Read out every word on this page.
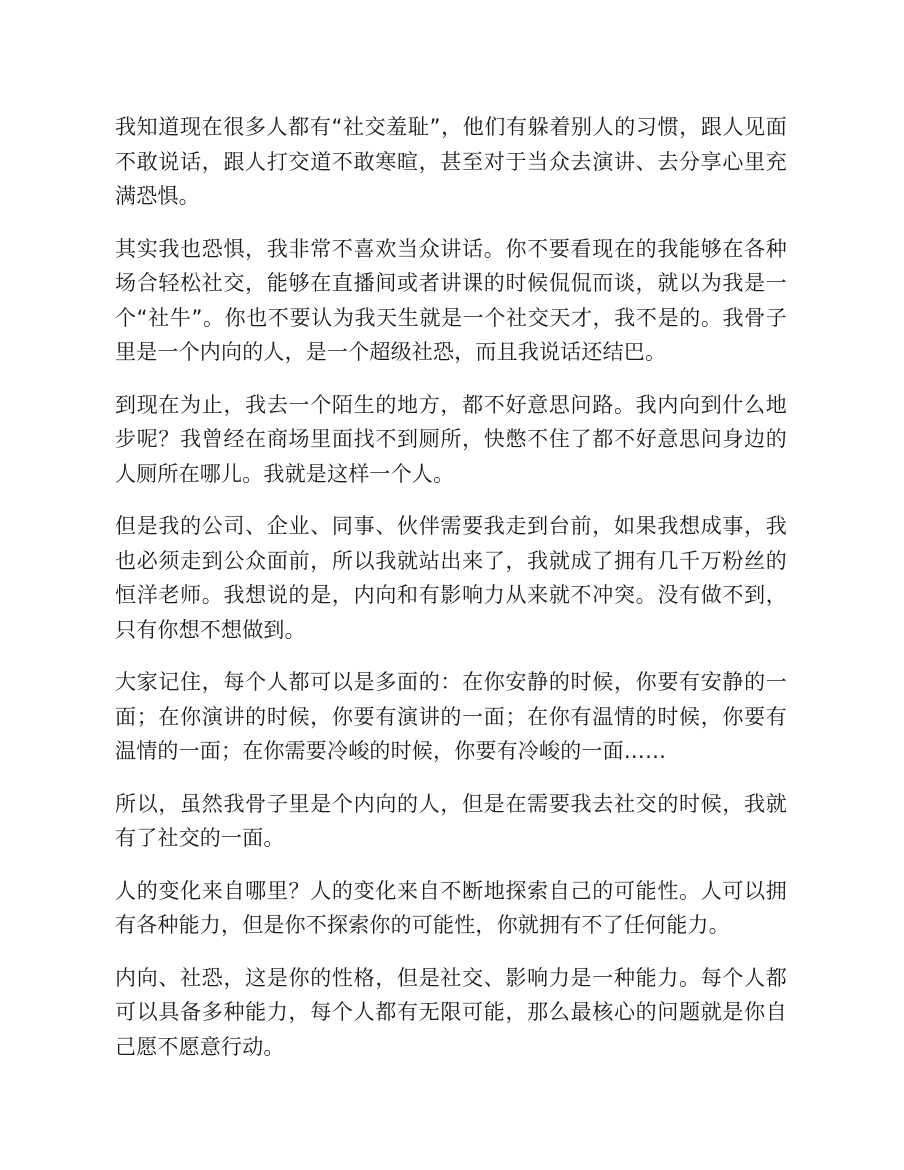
我知道现在很多人都有“社交羞耻”，他们有躲着别人的习惯，跟人见面不敢说话，跟人打交道不敢寒暄，甚至对于当众去演讲、去分享心里充满恐惧。

其实我也恐惧，我非常不喜欢当众讲话。你不要看现在的我能够在各种场合轻松社交，能够在直播间或者讲课的时候侃侃而谈，就以为我是一个“社牛”。你也不要认为我天生就是一个社交天才，我不是的。我骨子里是一个内向的人，是一个超级社恐，而且我说话还结巴。

到现在为止，我去一个陌生的地方，都不好意思问路。我内向到什么地步呢？我曾经在商场里面找不到厕所，快憋不住了都不好意思问身边的人厕所在哪儿。我就是这样一个人。

但是我的公司、企业、同事、伙伴需要我走到台前，如果我想成事，我也必须走到公众面前，所以我就站出来了，我就成了拥有几千万粉丝的恒洋老师。我想说的是，内向和有影响力从来就不冲突。没有做不到，只有你想不想做到。

大家记住，每个人都可以是多面的：在你安静的时候，你要有安静的一面；在你演讲的时候，你要有演讲的一面；在你有温情的时候，你要有温情的一面；在你需要冷峻的时候，你要有冷峻的一面……

所以，虽然我骨子里是个内向的人，但是在需要我去社交的时候，我就有了社交的一面。

人的变化来自哪里？人的变化来自不断地探索自己的可能性。人可以拥有各种能力，但是你不探索你的可能性，你就拥有不了任何能力。

内向、社恐，这是你的性格，但是社交、影响力是一种能力。每个人都可以具备多种能力，每个人都有无限可能，那么最核心的问题就是你自己愿不愿意行动。
